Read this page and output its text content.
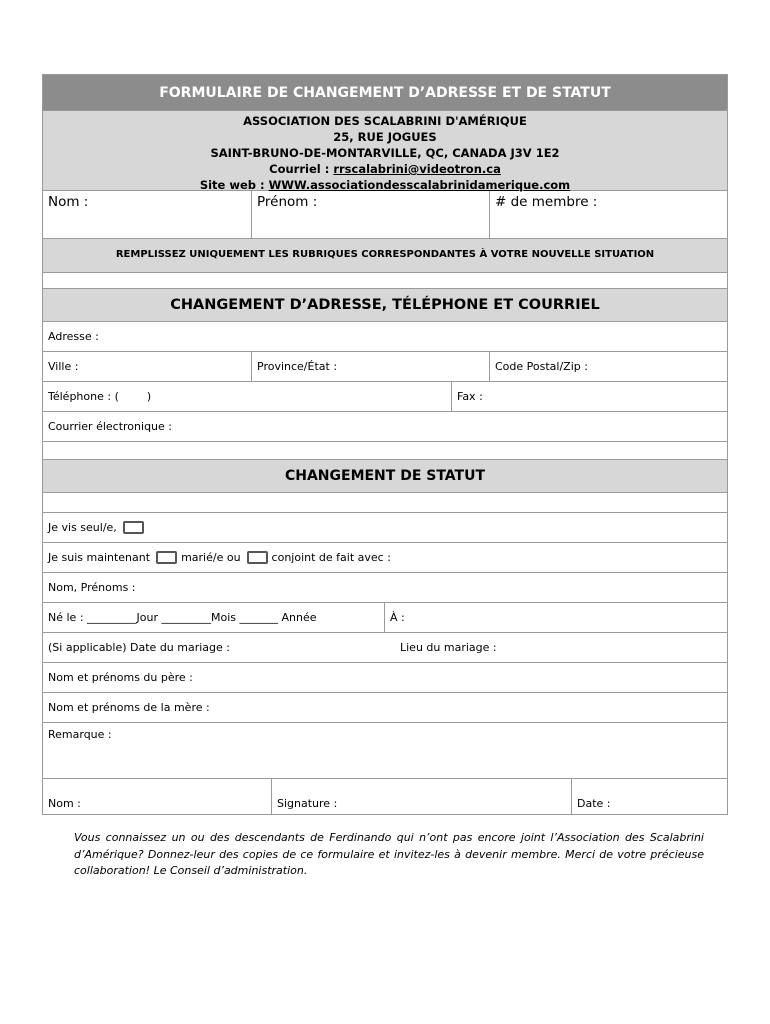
FORMULAIRE DE CHANGEMENT D’ADRESSE ET DE STATUT
ASSOCIATION DES SCALABRINI D'AMÉRIQUE
25, RUE JOGUES
SAINT-BRUNO-DE-MONTARVILLE, QC, CANADA J3V 1E2
Courriel : rrscalabrini@videotron.ca
Site web : WWW.associationdesscalabrinidamerique.com
Nom :	Prénom :	# de membre :
REMPLISSEZ UNIQUEMENT LES RUBRIQUES CORRESPONDANTES À VOTRE NOUVELLE SITUATION
CHANGEMENT D’ADRESSE, TÉLÉPHONE ET COURRIEL
Adresse :
Ville :	Province/État :	Code Postal/Zip :
Téléphone : (        )	Fax :
Courrier électronique :
CHANGEMENT DE STATUT
Je vis seul/e,
Je suis maintenant	marié/e ou	conjoint de fait avec :
Nom, Prénoms :
Né le : _________Jour _________Mois _______ Année	À :
(Si applicable) Date du mariage :	Lieu du mariage :
Nom et prénoms du père :
Nom et prénoms de la mère :
Remarque :
Nom :	Signature :	Date :
Vous connaissez un ou des descendants de Ferdinando qui n’ont pas encore joint l’Association des Scalabrini d’Amérique? Donnez-leur des copies de ce formulaire et invitez-les à devenir membre. Merci de votre précieuse collaboration! Le Conseil d’administration.
